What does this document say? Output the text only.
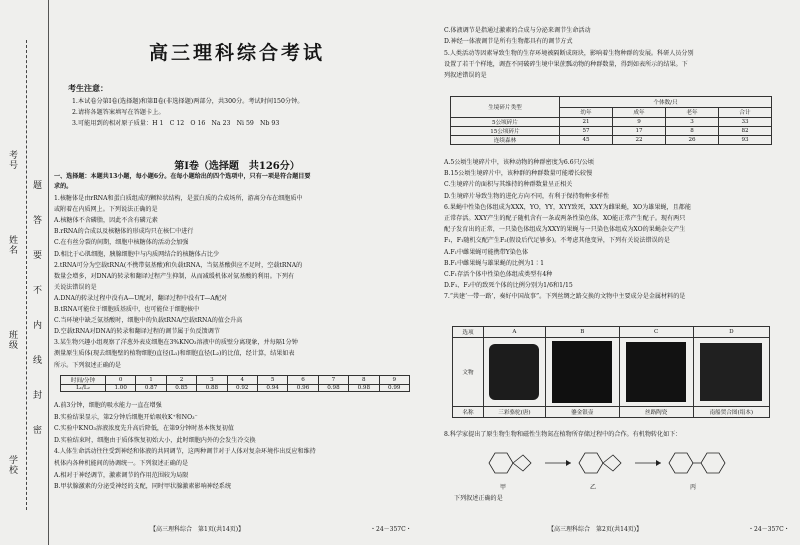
考号
姓名
班级
学校
题
答
要
不
内
线
封
密
高三理科综合考试
考生注意：
1.本试卷分第Ⅰ卷(选择题)和第Ⅱ卷(非选择题)两部分，共300分。考试时间150分钟。
2.请将各题答案填写在答题卡上。
3.可能用到的相对原子质量：H 1　C 12　O 16　Na 23　Ni 59　Nb 93
第Ⅰ卷（选择题　共126分）
一、选择题：本题共13小题，每小题6分。在每小题给出的四个选项中，只有一项是符合题目要
求的。
1.核糖体是由rRNA和蛋白质组成的颗粒状结构，是蛋白质的合成场所，游离分布在细胞质中
或附着在内质网上。下列说法正确的是
A.核糖体不含磷脂，因此不含有磷元素
B.rRNA的合成以及核糖体的形成均只在核仁中进行
C.在有丝分裂的间期，细胞中核糖体的活动会加强
D.相比于心肌细胞，胰腺细胞中与内质网结合的核糖体占比少
2.tRNA可分为空载tRNA(不携带氨基酸)和负载tRNA，当氨基酸供应不足时，空载tRNA的
数量会增多，对DNA的转录和翻译过程产生抑制，从而减缓机体对氨基酸的利用。下列有
关说法错误的是
A.DNA的转录过程中没有A—U配对，翻译过程中没有T—A配对
B.tRNA可能位于细胞质基质中，也可能位于细胞核中
C.当环境中缺乏氨基酸时，细胞中的负载tRNA/空载tRNA的值会升高
D.空载tRNA对DNA的转录和翻译过程的调节属于负反馈调节
3.某生物兴趣小组观察了洋葱外表皮细胞在3%KNO₃溶液中的质壁分离现象，并每隔1分钟
测量原生质体(现去细胞壁的植物细胞)直径(L₁)和细胞直径(L₂)的比值，经计算，结果如表
所示。下列叙述正确的是
时间/分钟	0	1	2	3	4	5	6	7	8	9
L₁/L₂	1.00	0.87	0.85	0.88	0.92	0.94	0.96	0.98	0.98	0.99
A.前3分钟，细胞的吸水能力一直在增强
B.实验结果显示，第2分钟后细胞开始吸收K⁺和NO₃⁻
C.实验中KNO₃溶液浓度先升高后降低，在第9分钟时基本恢复初值
D.实验结束时，细胞由于质体恢复初始大小，此时细胞内外的会发生冷交换
4.人体生命活动往往受到神经和体液的共同调节，这两种调节对于人体对复杂环境作出反应和维持
机体内各种机能间的协调统一。下列叙述正确的是
A.相对于神经调节，激素调节的作用范围较为局限
B.甲状腺激素的分泌受神经的支配，同时甲状腺激素影响神经系统
【高三理科综合　第1页(共14页)】	・24－357C・
C.体液调节是指通过激素的合成与分泌来调节生命活动
D.神经一体液调节是所有生物都具有的调节方式
5.人类活动等因素导致生物的生存环境被隔断成斑块，影响着生物种群的发展。科研人员分别
设置了若干个样地，调查不同破碎生境中果蔗瓢动物的种群数量，得到如表所示的结果。下
列叙述错误的是
生境碎片类型	个体数/只			
	幼年	成年	老年	合计
5公顷碎片	21	9	3	33
15公顷碎片	57	17	8	82
连续森林	45	22	26	93
A.5公顷生境碎片中，该种动物的种群密度为6.6只/公顷
B.15公顷生境碎片中，该种群的种群数量可能增长较慢
C.生境碎片的面积与其维持的种群数量呈正相关
D.生境碎片导致生物的进化方向不同，有利于保持物种多样性
6.果蝇中性染色体组成为XXX，YO，YY，XYY致死，XXY为雌果蝇，XO为雄果蝇，且都能
正常存活。XXY产生的配子随机含有一条或两条性染色体，XO能正常产生配子。现有两只
配子发育出的正常，一只染色体组成为XXY的果蝇与一只染色体组成为XO的果蝇杂交产生
F₁，F₁随机交配产生F₂(假设后代足够多)。不考虑其他变异，下列有关说法错误的是
A.F₁中雌果蝇可能携带Y染色体
B.F₁中雌果蝇与雄果蝇的比例为1∶1
C.F₁存活个体中性染色体组成类型有4种
D.F₁、F₂中的致死个体的比例分别为1/6和1/15
7.“共建‘一带一路’，奏好中国故事”。下列丝绸之路交换的文物中主要成分是金属材料的是
选项	A	B	C	D
文物	

名称	三彩骆驼(唐)	鎏金银壶	丝路陶瓷	南船贸合图(绢本)
8.科学家提出了原生物生物和磁性生物氮在植物所存储过程中的合作。有机物转化如下：
甲	乙	丙
下列叙述正确的是
【高三理科综合　第2页(共14页)】	・24－357C・
